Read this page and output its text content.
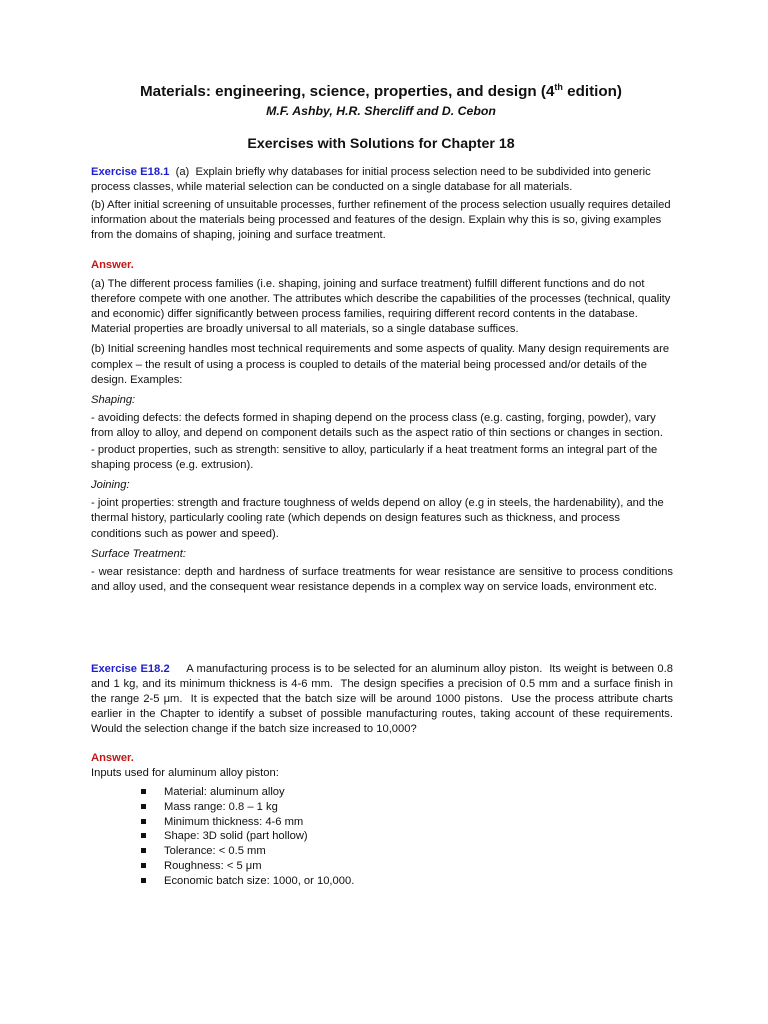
Materials: engineering, science, properties, and design (4th edition)
M.F. Ashby, H.R. Shercliff and D. Cebon
Exercises with Solutions for Chapter 18

Exercise E18.1  (a)  Explain briefly why databases for initial process selection need to be subdivided into generic process classes, while material selection can be conducted on a single database for all materials.

(b) After initial screening of unsuitable processes, further refinement of the process selection usually requires detailed information about the materials being processed and features of the design. Explain why this is so, giving examples from the domains of shaping, joining and surface treatment.

Answer.

(a) The different process families (i.e. shaping, joining and surface treatment) fulfill different functions and do not therefore compete with one another. The attributes which describe the capabilities of the processes (technical, quality and economic) differ significantly between process families, requiring different record contents in the database. Material properties are broadly universal to all materials, so a single database suffices.

(b) Initial screening handles most technical requirements and some aspects of quality. Many design requirements are complex – the result of using a process is coupled to details of the material being processed and/or details of the design. Examples:

Shaping:

- avoiding defects: the defects formed in shaping depend on the process class (e.g. casting, forging, powder), vary from alloy to alloy, and depend on component details such as the aspect ratio of thin sections or changes in section.

- product properties, such as strength: sensitive to alloy, particularly if a heat treatment forms an integral part of the shaping process (e.g. extrusion).

Joining:

- joint properties: strength and fracture toughness of welds depend on alloy (e.g in steels, the hardenability), and the thermal history, particularly cooling rate (which depends on design features such as thickness, and process conditions such as power and speed).

Surface Treatment:

- wear resistance: depth and hardness of surface treatments for wear resistance are sensitive to process conditions and alloy used, and the consequent wear resistance depends in a complex way on service loads, environment etc.

Exercise E18.2     A manufacturing process is to be selected for an aluminum alloy piston.  Its weight is between 0.8 and 1 kg, and its minimum thickness is 4-6 mm.  The design specifies a precision of 0.5 mm and a surface finish in the range 2-5 μm.  It is expected that the batch size will be around 1000 pistons.  Use the process attribute charts earlier in the Chapter to identify a subset of possible manufacturing routes, taking account of these requirements.  Would the selection change if the batch size increased to 10,000?

Answer.

Inputs used for aluminum alloy piston:

Material: aluminum alloy
Mass range: 0.8 – 1 kg
Minimum thickness: 4-6 mm
Shape: 3D solid (part hollow)
Tolerance: < 0.5 mm
Roughness: < 5 μm
Economic batch size: 1000, or 10,000.
